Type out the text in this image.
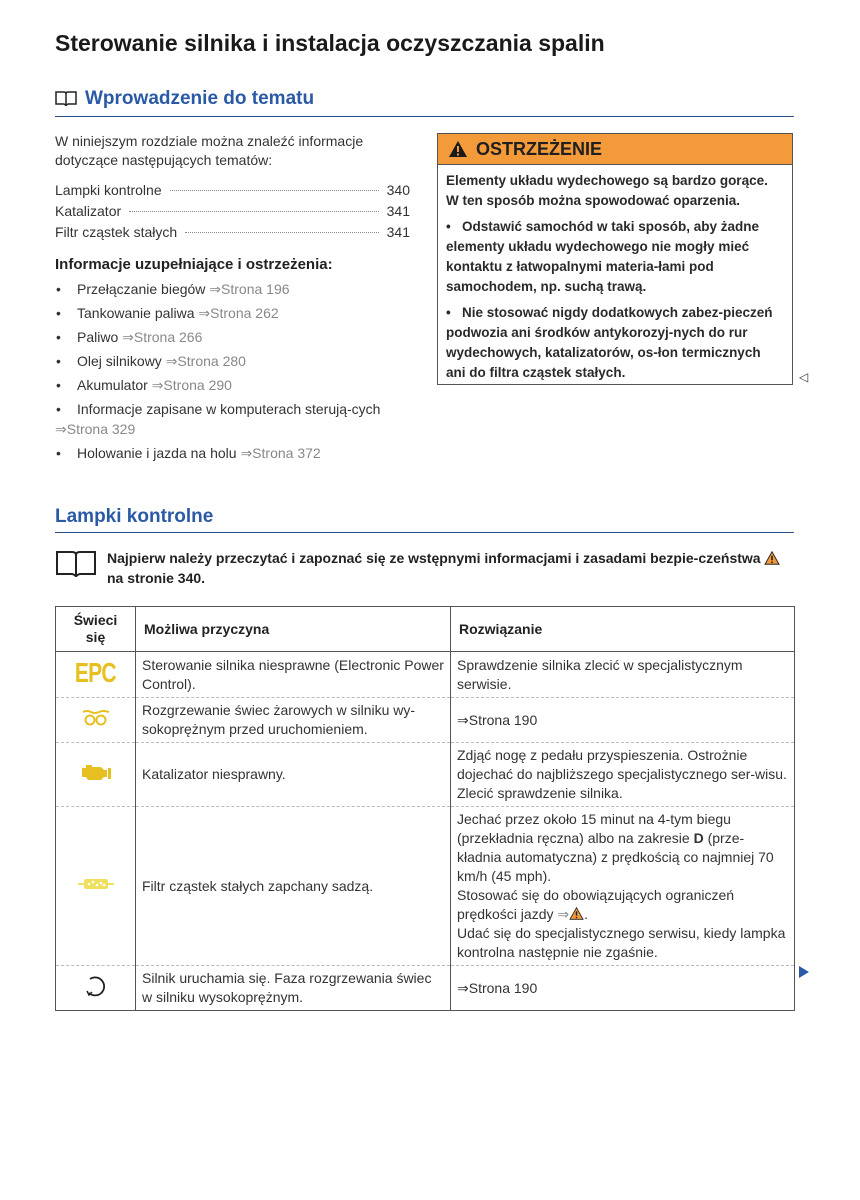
Sterowanie silnika i instalacja oczyszczania spalin
Wprowadzenie do tematu
W niniejszym rozdziale można znaleźć informacje dotyczące następujących tematów:
Lampki kontrolne	340
Katalizator	341
Filtr cząstek stałych	341
Informacje uzupełniające i ostrzeżenia:
• Przełączanie biegów ⇒Strona 196
• Tankowanie paliwa ⇒Strona 262
• Paliwo ⇒Strona 266
• Olej silnikowy ⇒Strona 280
• Akumulator ⇒Strona 290
• Informacje zapisane w komputerach sterują-cych ⇒Strona 329
• Holowanie i jazda na holu ⇒Strona 372
OSTRZEŻENIE

Elementy układu wydechowego są bardzo gorące. W ten sposób można spowodować oparzenia.

•   Odstawić samochód w taki sposób, aby żadne elementy układu wydechowego nie mogły mieć kontaktu z łatwopalnymi materia-łami pod samochodem, np. suchą trawą.

•   Nie stosować nigdy dodatkowych zabez-pieczeń podwozia ani środków antykorozyj-nych do rur wydechowych, katalizatorów, os-łon termicznych ani do filtra cząstek stałych.	◁
Lampki kontrolne
Najpierw należy przeczytać i zapoznać się ze wstępnymi informacjami i zasadami bezpie-czeństwa  na stronie 340.
Świeci się	Możliwa przyczyna	Rozwiązanie
EPC	Sterowanie silnika niesprawne (Electronic Power Control).	Sprawdzenie silnika zlecić w specjalistycznym serwisie.
	Rozgrzewanie świec żarowych w silniku wy-sokoprężnym przed uruchomieniem.	⇒Strona 190
	Katalizator niesprawny.	Zdjąć nogę z pedału przyspieszenia. Ostrożnie dojechać do najbliższego specjalistycznego ser-wisu. Zlecić sprawdzenie silnika.
	Filtr cząstek stałych zapchany sadzą.	Jechać przez około 15 minut na 4-tym biegu (przekładnia ręczna) albo na zakresie D (prze-kładnia automatyczna) z prędkością co najmniej 70 km/h (45 mph).
Stosować się do obowiązujących ograniczeń prędkości jazdy ⇒ .
Udać się do specjalistycznego serwisu, kiedy lampka kontrolna następnie nie zgaśnie.
	Silnik uruchamia się. Faza rozgrzewania świec w silniku wysokoprężnym.	⇒Strona 190
